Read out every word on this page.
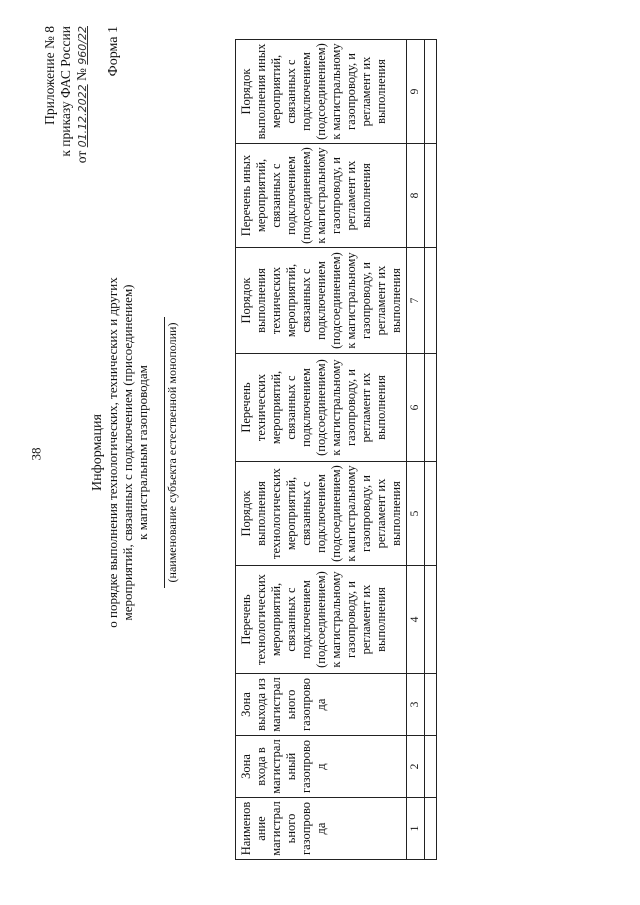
38
Приложение № 8 к приказу ФАС России
от 01.12.2022 № 960/22 Форма 1
Информация о порядке выполнения технологических, технических и других мероприятий, связанных с подключением (присоединением) к магистральным газопроводам (наименование субъекта естественной монополии)
Наименование магистрального газопровода	Зона входа в магистральный газопровод	Зона выхода из магистрального газопровода	Перечень технологических мероприятий, связанных с подключением (подсоединением) к магистральному газопроводу, и регламент их выполнения	Порядок выполнения технологических мероприятий, связанных с подключением (подсоединением) к магистральному газопроводу, и регламент их выполнения	Перечень технических мероприятий, связанных с подключением (подсоединением) к магистральному газопроводу, и регламент их выполнения	Порядок выполнения технических мероприятий, связанных с подключением (подсоединением) к магистральному газопроводу, и регламент их выполнения	Перечень иных мероприятий, связанных с подключением (подсоединением) к магистральному газопроводу, и регламент их выполнения	Порядок выполнения иных мероприятий, связанных с подключением (подсоединением) к магистральному газопроводу, и регламент их выполнения
1	2	3	4	5	6	7	8	9
